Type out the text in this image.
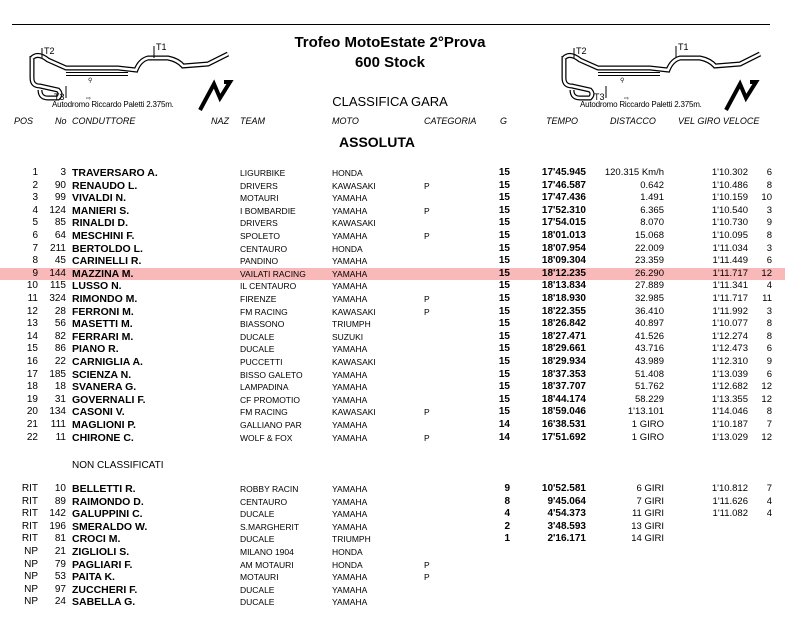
Trofeo MotoEstate 2°Prova
600 Stock
CLASSIFICA GARA
⚲
⇨
T2	T1
T3
Autodromo Riccardo Paletti 2.375m.
⚲
⇨
T2	T1
T3
Autodromo Riccardo Paletti 2.375m.
POS No CONDUTTORE	NAZ TEAM	MOTO	CATEGORIA	G	TEMPO	DISTACCO VEL GIRO VELOCE
ASSOLUTA
NON CLASSIFICATI
1	3 TRAVERSARO A.	LIGURBIKE	HONDA	15	17'45.945	120.315 Km/h	1'10.302	6
2	90 RENAUDO L.	DRIVERS	KAWASAKI	P	15	17'46.587	0.642	1'10.486	8
3	99 VIVALDI N.	MOTAURI	YAMAHA	15	17'47.436	1.491	1'10.159	10
4	124 MANIERI S.	I BOMBARDIE	YAMAHA	P	15	17'52.310	6.365	1'10.540	3
5	85 RINALDI D.	DRIVERS	KAWASAKI	15	17'54.015	8.070	1'10.730	9
6	64 MESCHINI F.	SPOLETO	YAMAHA	P	15	18'01.013	15.068	1'10.095	8
7	211 BERTOLDO L.	CENTAURO	HONDA	15	18'07.954	22.009	1'11.034	3
8	45 CARINELLI R.	PANDINO	YAMAHA	15	18'09.304	23.359	1'11.449	6
9	144 MAZZINA M.	VAILATI RACING	YAMAHA	15	18'12.235	26.290	1'11.717	12
10	115 LUSSO N.	IL CENTAURO	YAMAHA	15	18'13.834	27.889	1'11.341	4
11	324 RIMONDO M.	FIRENZE	YAMAHA	P	15	18'18.930	32.985	1'11.717	11
12	28 FERRONI M.	FM RACING	KAWASAKI	P	15	18'22.355	36.410	1'11.992	3
13	56 MASETTI M.	BIASSONO	TRIUMPH	15	18'26.842	40.897	1'10.077	8
14	82 FERRARI M.	DUCALE	SUZUKI	15	18'27.471	41.526	1'12.274	8
15	86 PIANO R.	DUCALE	YAMAHA	15	18'29.661	43.716	1'12.473	6
16	22 CARNIGLIA A.	PUCCETTI	KAWASAKI	15	18'29.934	43.989	1'12.310	9
17	185 SCIENZA N.	BISSO GALETO	YAMAHA	15	18'37.353	51.408	1'13.039	6
18	18 SVANERA G.	LAMPADINA	YAMAHA	15	18'37.707	51.762	1'12.682	12
19	31 GOVERNALI F.	CF PROMOTIO	YAMAHA	15	18'44.174	58.229	1'13.355	12
20	134 CASONI V.	FM RACING	KAWASAKI	P	15	18'59.046	1'13.101	1'14.046	8
21	111 MAGLIONI P.	GALLIANO PAR	YAMAHA	14	16'38.531	1 GIRO	1'10.187	7
22	11 CHIRONE C.	WOLF & FOX	YAMAHA	P	14	17'51.692	1 GIRO	1'13.029	12
RIT	10 BELLETTI R.	ROBBY RACIN	YAMAHA	9	10'52.581	6 GIRI	1'10.812	7
RIT	89 RAIMONDO D.	CENTAURO	YAMAHA	8	9'45.064	7 GIRI	1'11.626	4
RIT	142 GALUPPINI C.	DUCALE	YAMAHA	4	4'54.373	11 GIRI	1'11.082	4
RIT	196 SMERALDO W.	S.MARGHERIT	YAMAHA	2	3'48.593	13 GIRI
RIT	81 CROCI M.	DUCALE	TRIUMPH	1	2'16.171	14 GIRI
NP	21 ZIGLIOLI S.	MILANO 1904	HONDA
NP	79 PAGLIARI F.	AM MOTAURI	HONDA	P
NP	53 PAITA K.	MOTAURI	YAMAHA	P
NP	97 ZUCCHERI F.	DUCALE	YAMAHA
NP	24 SABELLA G.	DUCALE	YAMAHA
